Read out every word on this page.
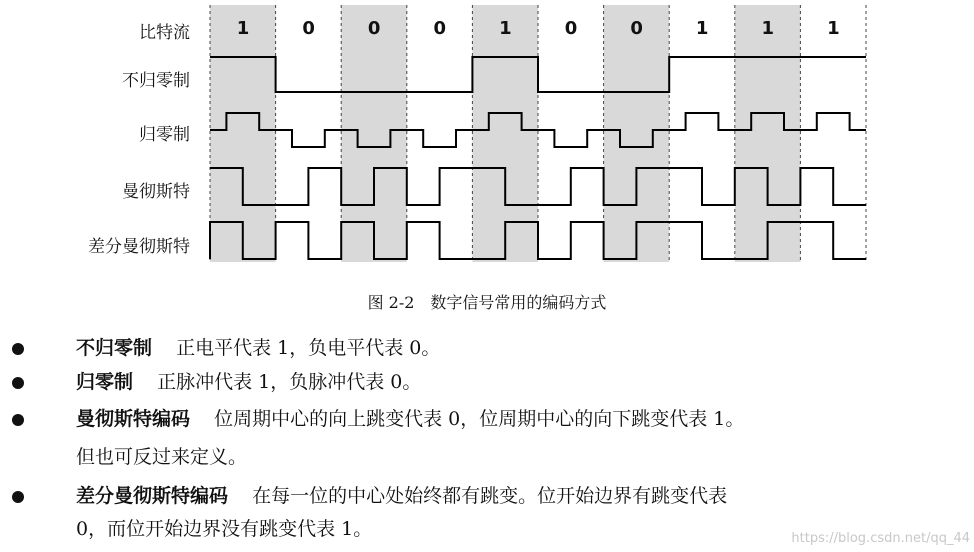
比特流	1	0	0	0	1	0	0	1	1	1
不归零制
归零制
曼彻斯特
差分曼彻斯特
图 2-2　数字信号常用的编码方式
不归零制 正电平代表 1，负电平代表 0。
归零制 正脉冲代表 1，负脉冲代表 0。
曼彻斯特编码 位周期中心的向上跳变代表 0，位周期中心的向下跳变代表 1。
但也可反过来定义。
差分曼彻斯特编码 在每一位的中心处始终都有跳变。位开始边界有跳变代表
0，而位开始边界没有跳变代表 1。	https://blog.csdn.net/qq_44
